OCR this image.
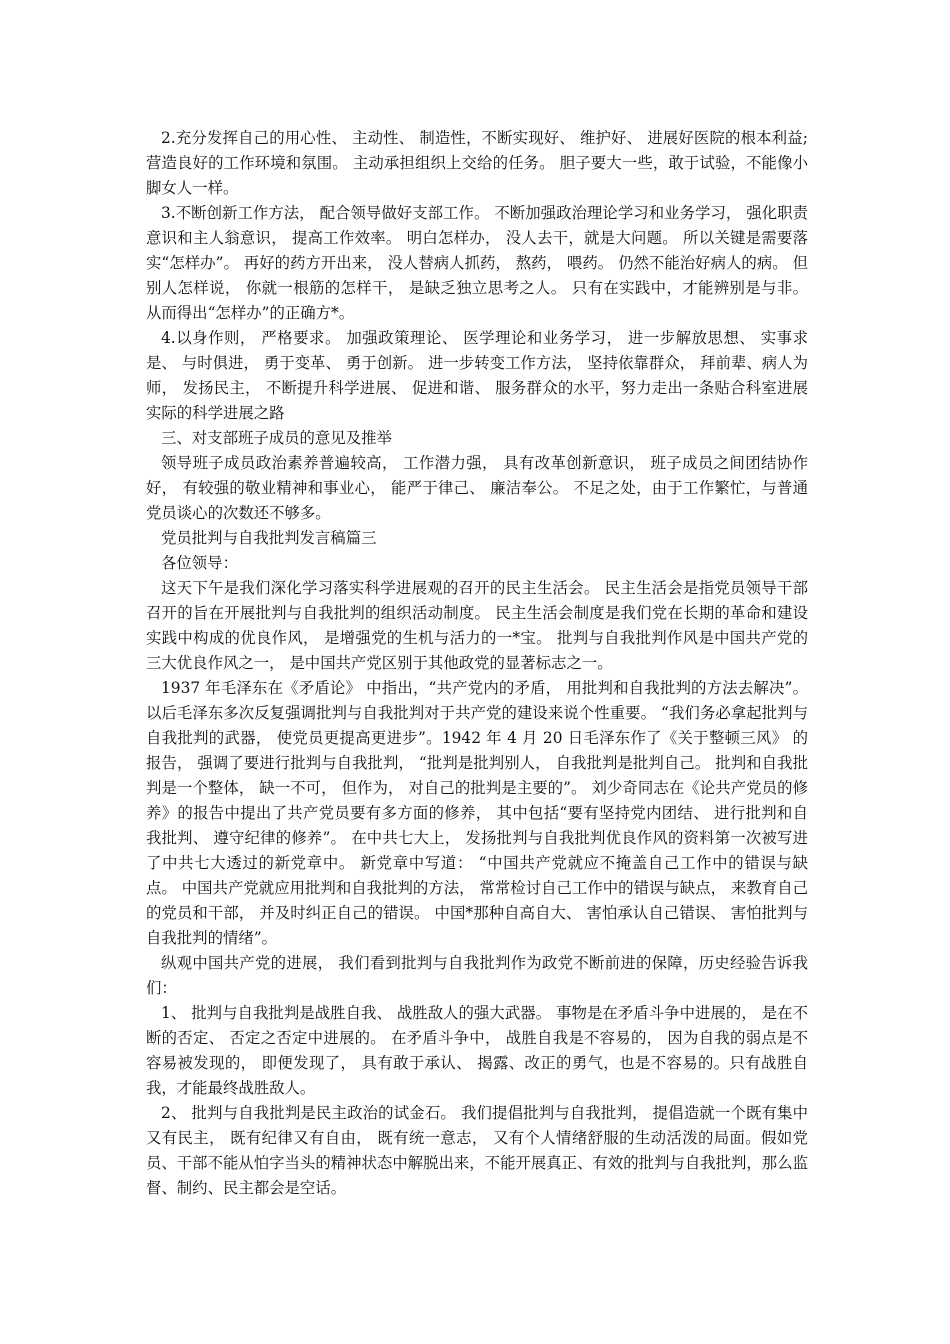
2.充分发挥自己的用心性、 主动性、 制造性，不断实现好、 维护好、 进展好医院的根本利益;营造良好的工作环境和氛围。 主动承担组织上交给的任务。 胆子要大一些，敢于试验，不能像小脚女人一样。

3.不断创新工作方法， 配合领导做好支部工作。 不断加强政治理论学习和业务学习， 强化职责意识和主人翁意识， 提高工作效率。 明白怎样办， 没人去干，就是大问题。 所以关键是需要落实“怎样办”。 再好的药方开出来， 没人替病人抓药， 熬药， 喂药。 仍然不能治好病人的病。 但别人怎样说， 你就一根筋的怎样干， 是缺乏独立思考之人。 只有在实践中，才能辨别是与非。 从而得出“怎样办”的正确方*。

4.以身作则， 严格要求。 加强政策理论、 医学理论和业务学习， 进一步解放思想、 实事求是、 与时俱进， 勇于变革、 勇于创新。 进一步转变工作方法， 坚持依靠群众， 拜前辈、病人为师， 发扬民主， 不断提升科学进展、 促进和谐、 服务群众的水平，努力走出一条贴合科室进展实际的科学进展之路

三、对支部班子成员的意见及推举

领导班子成员政治素养普遍较高， 工作潜力强， 具有改革创新意识， 班子成员之间团结协作好， 有较强的敬业精神和事业心， 能严于律己、 廉洁奉公。 不足之处，由于工作繁忙，与普通党员谈心的次数还不够多。

党员批判与自我批判发言稿篇三

各位领导：

这天下午是我们深化学习落实科学进展观的召开的民主生活会。 民主生活会是指党员领导干部召开的旨在开展批判与自我批判的组织活动制度。 民主生活会制度是我们党在长期的革命和建设实践中构成的优良作风， 是增强党的生机与活力的一*宝。 批判与自我批判作风是中国共产党的三大优良作风之一， 是中国共产党区别于其他政党的显著标志之一。

1937 年毛泽东在《矛盾论》 中指出，“共产党内的矛盾， 用批判和自我批判的方法去解决”。 以后毛泽东多次反复强调批判与自我批判对于共产党的建设来说个性重要。 “我们务必拿起批判与自我批判的武器， 使党员更提高更进步”。1942 年 4 月 20 日毛泽东作了《关于整顿三风》 的报告， 强调了要进行批判与自我批判， “批判是批判别人， 自我批判是批判自己。 批判和自我批判是一个整体， 缺一不可， 但作为， 对自己的批判是主要的”。 刘少奇同志在《论共产党员的修养》的报告中提出了共产党员要有多方面的修养， 其中包括“要有坚持党内团结、 进行批判和自我批判、 遵守纪律的修养”。 在中共七大上， 发扬批判与自我批判优良作风的资料第一次被写进了中共七大透过的新党章中。 新党章中写道： “中国共产党就应不掩盖自己工作中的错误与缺点。 中国共产党就应用批判和自我批判的方法， 常常检讨自己工作中的错误与缺点， 来教育自己的党员和干部， 并及时纠正自己的错误。 中国*那种自高自大、 害怕承认自己错误、 害怕批判与自我批判的情绪”。

纵观中国共产党的进展， 我们看到批判与自我批判作为政党不断前进的保障，历史经验告诉我们：

1、 批判与自我批判是战胜自我、 战胜敌人的强大武器。 事物是在矛盾斗争中进展的， 是在不断的否定、 否定之否定中进展的。 在矛盾斗争中， 战胜自我是不容易的， 因为自我的弱点是不容易被发现的， 即便发现了， 具有敢于承认、 揭露、改正的勇气，也是不容易的。只有战胜自我，才能最终战胜敌人。

2、 批判与自我批判是民主政治的试金石。 我们提倡批判与自我批判， 提倡造就一个既有集中又有民主， 既有纪律又有自由， 既有统一意志， 又有个人情绪舒服的生动活泼的局面。假如党员、干部不能从怕字当头的精神状态中解脱出来，不能开展真正、有效的批判与自我批判，那么监督、制约、民主都会是空话。
